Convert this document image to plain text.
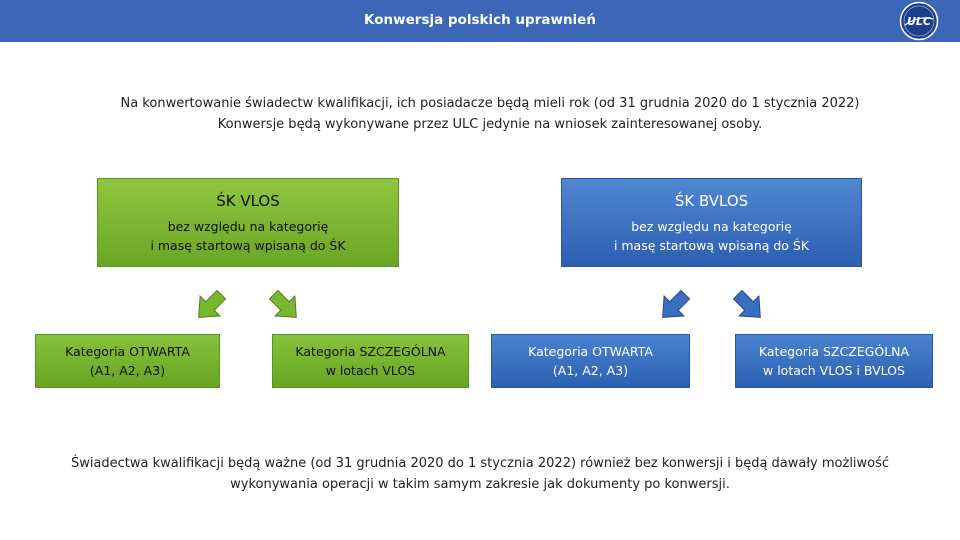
Konwersja polskich uprawnień	ULC
Na konwertowanie świadectw kwalifikacji, ich posiadacze będą mieli rok (od 31 grudnia 2020 do 1 stycznia 2022)
Konwersje będą wykonywane przez ULC jedynie na wniosek zainteresowanej osoby.
ŚK VLOS
bez względu na kategorię
i masę startową wpisaną do ŚK
ŚK BVLOS
bez względu na kategorię
i masę startową wpisaną do ŚK
Kategoria OTWARTA
(A1, A2, A3)
Kategoria SZCZEGÓLNA
w lotach VLOS
Kategoria OTWARTA
(A1, A2, A3)
Kategoria SZCZEGÓLNA
w lotach VLOS i BVLOS
Świadectwa kwalifikacji będą ważne (od 31 grudnia 2020 do 1 stycznia 2022) również bez konwersji i będą dawały możliwość
wykonywania operacji w takim samym zakresie jak dokumenty po konwersji.
